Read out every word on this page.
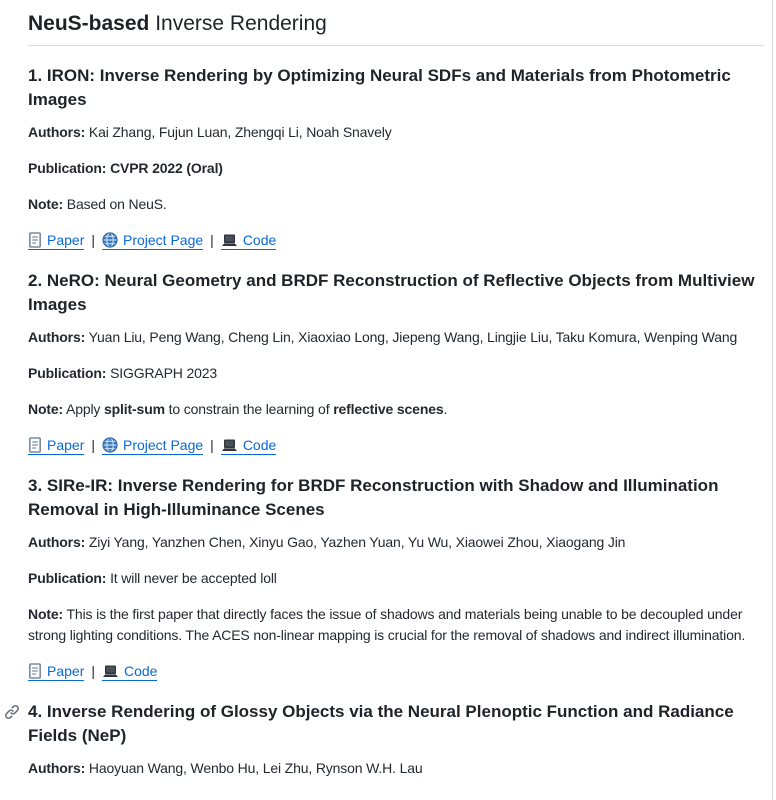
NeuS-based Inverse Rendering
1. IRON: Inverse Rendering by Optimizing Neural SDFs and Materials from Photometric Images

Authors: Kai Zhang, Fujun Luan, Zhengqi Li, Noah Snavely

Publication: CVPR 2022 (Oral)

Note: Based on NeuS.

Paper | Project Page | Code

2. NeRO: Neural Geometry and BRDF Reconstruction of Reflective Objects from Multiview Images

Authors: Yuan Liu, Peng Wang, Cheng Lin, Xiaoxiao Long, Jiepeng Wang, Lingjie Liu, Taku Komura, Wenping Wang

Publication: SIGGRAPH 2023

Note: Apply split-sum to constrain the learning of reflective scenes.

Paper | Project Page | Code

3. SIRe-IR: Inverse Rendering for BRDF Reconstruction with Shadow and Illumination Removal in High-Illuminance Scenes

Authors: Ziyi Yang, Yanzhen Chen, Xinyu Gao, Yazhen Yuan, Yu Wu, Xiaowei Zhou, Xiaogang Jin

Publication: It will never be accepted loll

Note: This is the first paper that directly faces the issue of shadows and materials being unable to be decoupled under strong lighting conditions. The ACES non-linear mapping is crucial for the removal of shadows and indirect illumination.

Paper | Code

4. Inverse Rendering of Glossy Objects via the Neural Plenoptic Function and Radiance Fields (NeP)

Authors: Haoyuan Wang, Wenbo Hu, Lei Zhu, Rynson W.H. Lau
